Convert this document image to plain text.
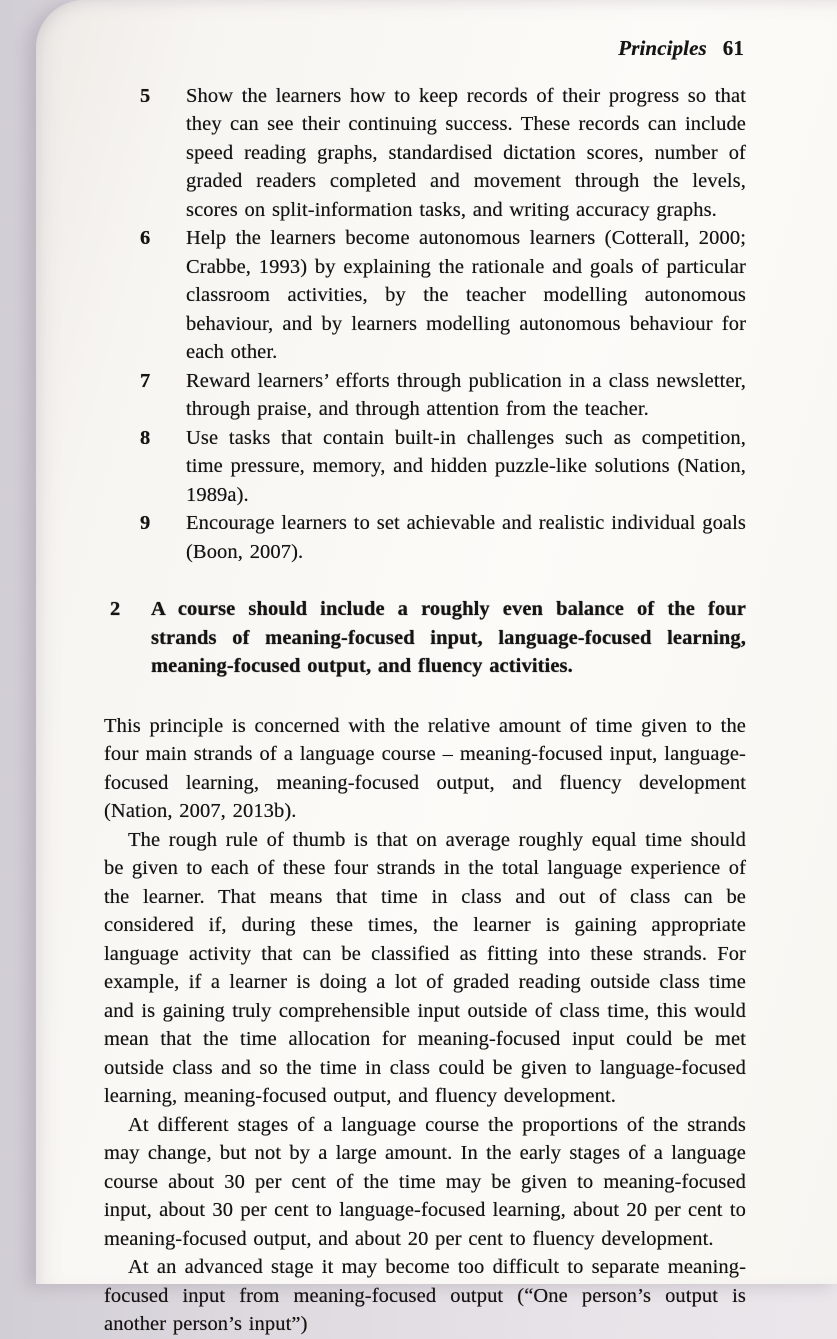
Principles 61
5 Show the learners how to keep records of their progress so that they can see their continuing success. These records can include speed reading graphs, standardised dictation scores, number of graded readers completed and movement through the levels, scores on split-information tasks, and writing accuracy graphs.
6 Help the learners become autonomous learners (Cotterall, 2000; Crabbe, 1993) by explaining the rationale and goals of particular classroom activities, by the teacher modelling autonomous behaviour, and by learners modelling autonomous behaviour for each other.
7 Reward learners’ efforts through publication in a class newsletter, through praise, and through attention from the teacher.
8 Use tasks that contain built-in challenges such as competition, time pressure, memory, and hidden puzzle-like solutions (Nation, 1989a).
9 Encourage learners to set achievable and realistic individual goals (Boon, 2007).
2 A course should include a roughly even balance of the four strands of meaning-focused input, language-focused learning, meaning-focused output, and fluency activities.
This principle is concerned with the relative amount of time given to the four main strands of a language course – meaning-focused input, language-focused learning, meaning-focused output, and fluency development (Nation, 2007, 2013b).
The rough rule of thumb is that on average roughly equal time should be given to each of these four strands in the total language experience of the learner. That means that time in class and out of class can be considered if, during these times, the learner is gaining appropriate language activity that can be classified as fitting into these strands. For example, if a learner is doing a lot of graded reading outside class time and is gaining truly comprehensible input outside of class time, this would mean that the time allocation for meaning-focused input could be met outside class and so the time in class could be given to language-focused learning, meaning-focused output, and fluency development.
At different stages of a language course the proportions of the strands may change, but not by a large amount. In the early stages of a language course about 30 per cent of the time may be given to meaning-focused input, about 30 per cent to language-focused learning, about 20 per cent to meaning-focused output, and about 20 per cent to fluency development.
At an advanced stage it may become too difficult to separate meaning-focused input from meaning-focused output (“One person’s output is another person’s input”)
